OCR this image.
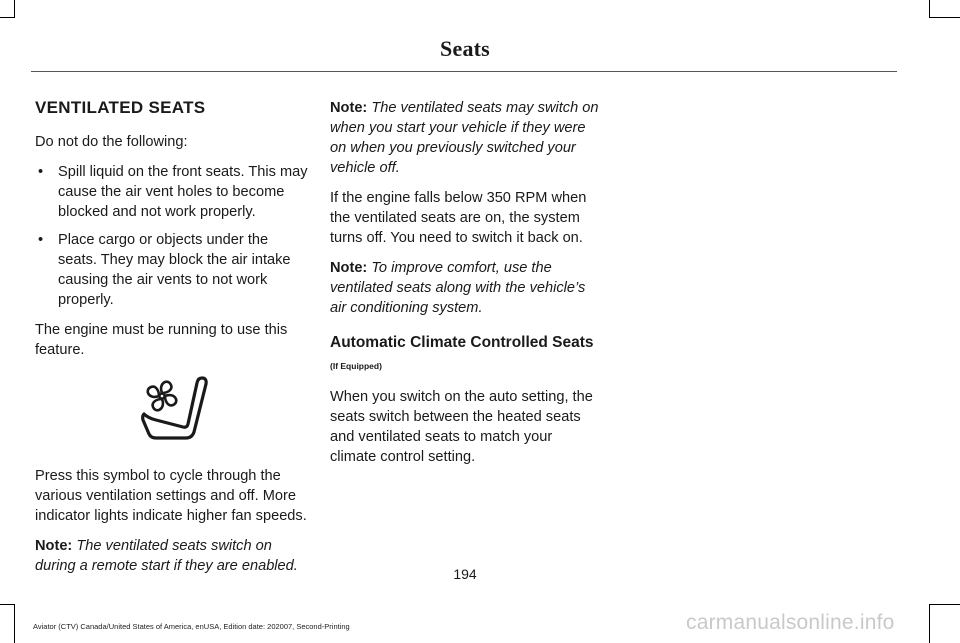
Seats
VENTILATED SEATS

Do not do the following:

• Spill liquid on the front seats. This may cause the air vent holes to become blocked and not work properly.
• Place cargo or objects under the seats. They may block the air intake causing the air vents to not work properly.

The engine must be running to use this feature.

Press this symbol to cycle through the various ventilation settings and off. More indicator lights indicate higher fan speeds.

Note: The ventilated seats switch on during a remote start if they are enabled.

Note: The ventilated seats may switch on when you start your vehicle if they were on when you previously switched your vehicle off.

If the engine falls below 350 RPM when the ventilated seats are on, the system turns off. You need to switch it back on.

Note: To improve comfort, use the ventilated seats along with the vehicle’s air conditioning system.

Automatic Climate Controlled Seats (If Equipped)

When you switch on the auto setting, the seats switch between the heated seats and ventilated seats to match your climate control setting.

194
Aviator (CTV) Canada/United States of America, enUSA, Edition date: 202007, Second-Printing	carmanualsonline.info
